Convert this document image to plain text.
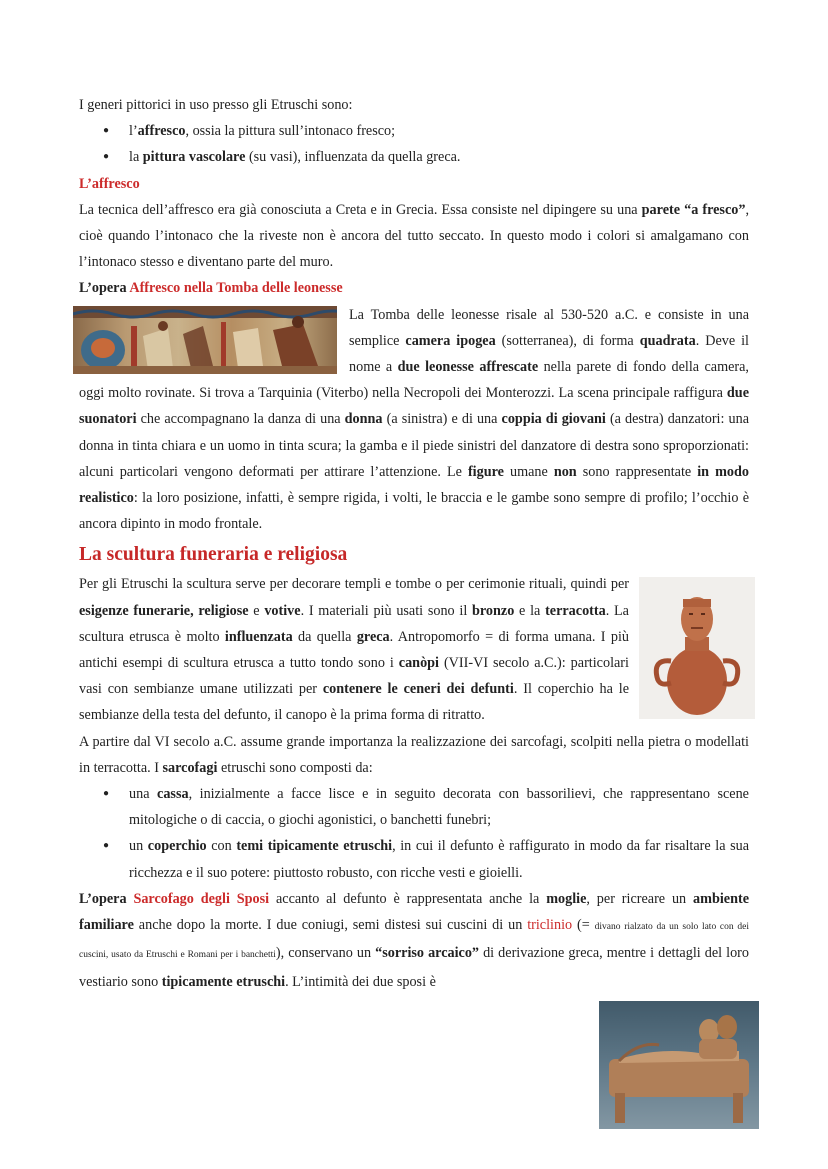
I generi pittorici in uso presso gli Etruschi sono:

● l’affresco, ossia la pittura sull’intonaco fresco;
● la pittura vascolare (su vasi), influenzata da quella greca.

L’affresco

La tecnica dell’affresco era già conosciuta a Creta e in Grecia. Essa consiste nel dipingere su una parete “a fresco”, cioè quando l’intonaco che la riveste non è ancora del tutto seccato. In questo modo i colori si amalgamano con l’intonaco stesso e diventano parte del muro.

L’opera Affresco nella Tomba delle leonesse

La Tomba delle leonesse risale al 530-520 a.C. e consiste in una semplice camera ipogea (sotterranea), di forma quadrata. Deve il nome a due leonesse affrescate nella parete di fondo della camera, oggi molto rovinate. Si trova a Tarquinia (Viterbo) nella Necropoli dei Monterozzi. La scena principale raffigura due suonatori che accompagnano la danza di una donna (a sinistra) e di una coppia di giovani (a destra) danzatori: una donna in tinta chiara e un uomo in tinta scura; la gamba e il piede sinistri del danzatore di destra sono sproporzionati: alcuni particolari vengono deformati per attirare l’attenzione. Le figure umane non sono rappresentate in modo realistico: la loro posizione, infatti, è sempre rigida, i volti, le braccia e le gambe sono sempre di profilo; l’occhio è ancora dipinto in modo frontale.

La scultura funeraria e religiosa

Per gli Etruschi la scultura serve per decorare templi e tombe o per cerimonie rituali, quindi per esigenze funerarie, religiose e votive. I materiali più usati sono il bronzo e la terracotta. La scultura etrusca è molto influenzata da quella greca. Antropomorfo = di forma umana. I più antichi esempi di scultura etrusca a tutto tondo sono i canòpi (VII-VI secolo a.C.): particolari vasi con sembianze umane utilizzati per contenere le ceneri dei defunti. Il coperchio ha le sembianze della testa del defunto, il canopo è la prima forma di ritratto.

A partire dal VI secolo a.C. assume grande importanza la realizzazione dei sarcofagi, scolpiti nella pietra o modellati in terracotta. I sarcofagi etruschi sono composti da:

● una cassa, inizialmente a facce lisce e in seguito decorata con bassorilievi, che rappresentano scene mitologiche o di caccia, o giochi agonistici, o banchetti funebri;
● un coperchio con temi tipicamente etruschi, in cui il defunto è raffigurato in modo da far risaltare la sua ricchezza e il suo potere: piuttosto robusto, con ricche vesti e gioielli.

L’opera Sarcofago degli Sposi accanto al defunto è rappresentata anche la moglie, per ricreare un ambiente familiare anche dopo la morte. I due coniugi, semi distesi sui cuscini di un triclinio (= divano rialzato da un solo lato con dei cuscini, usato da Etruschi e Romani per i banchetti), conservano un “sorriso arcaico” di derivazione greca, mentre i dettagli del loro vestiario sono tipicamente etruschi. L’intimità dei due sposi è
